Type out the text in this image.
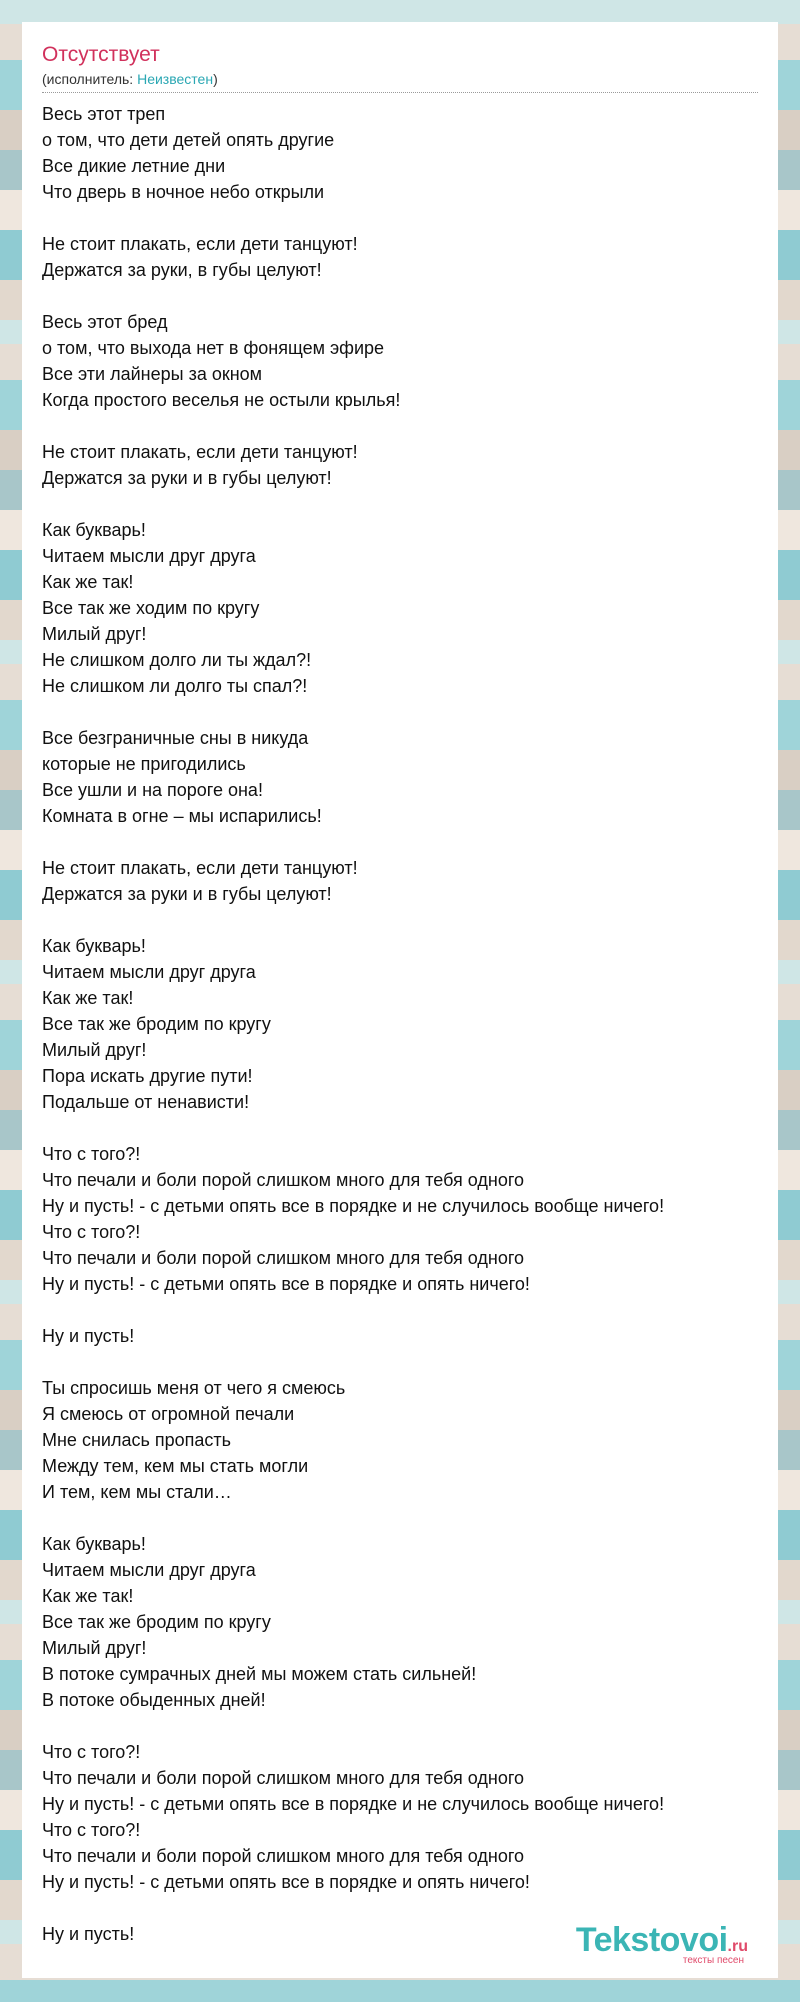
Отсутствует
(исполнитель: Неизвестен)
Весь этот треп
о том, что дети детей опять другие
Все дикие летние дни
Что дверь в ночное небо открыли
Не стоит плакать, если дети танцуют!
Держатся за руки, в губы целуют!
Весь этот бред
о том, что выхода нет в фонящем эфире
Все эти лайнеры за окном
Когда простого веселья не остыли крылья!
Не стоит плакать, если дети танцуют!
Держатся за руки и в губы целуют!
Как букварь!
Читаем мысли друг друга
Как же так!
Все так же ходим по кругу
Милый друг!
Не слишком долго ли ты ждал?!
Не слишком ли долго ты спал?!
Все безграничные сны в никуда
которые не пригодились
Все ушли и на пороге она!
Комната в огне – мы испарились!
Не стоит плакать, если дети танцуют!
Держатся за руки и в губы целуют!
Как букварь!
Читаем мысли друг друга
Как же так!
Все так же бродим по кругу
Милый друг!
Пора искать другие пути!
Подальше от ненависти!
Что с того?!
Что печали и боли порой слишком много для тебя одного
Ну и пусть! - с детьми опять все в порядке и не случилось вообще ничего!
Что с того?!
Что печали и боли порой слишком много для тебя одного
Ну и пусть! - с детьми опять все в порядке и опять ничего!
Ну и пусть!
Ты спросишь меня от чего я смеюсь
Я смеюсь от огромной печали
Мне снилась пропасть
Между тем, кем мы стать могли
И тем, кем мы стали…
Как букварь!
Читаем мысли друг друга
Как же так!
Все так же бродим по кругу
Милый друг!
В потоке сумрачных дней мы можем стать сильней!
В потоке обыденных дней!
Что с того?!
Что печали и боли порой слишком много для тебя одного
Ну и пусть! - с детьми опять все в порядке и не случилось вообще ничего!
Что с того?!
Что печали и боли порой слишком много для тебя одного
Ну и пусть! - с детьми опять все в порядке и опять ничего!
Ну и пусть!	Tekstovoi.ru
тексты песен
